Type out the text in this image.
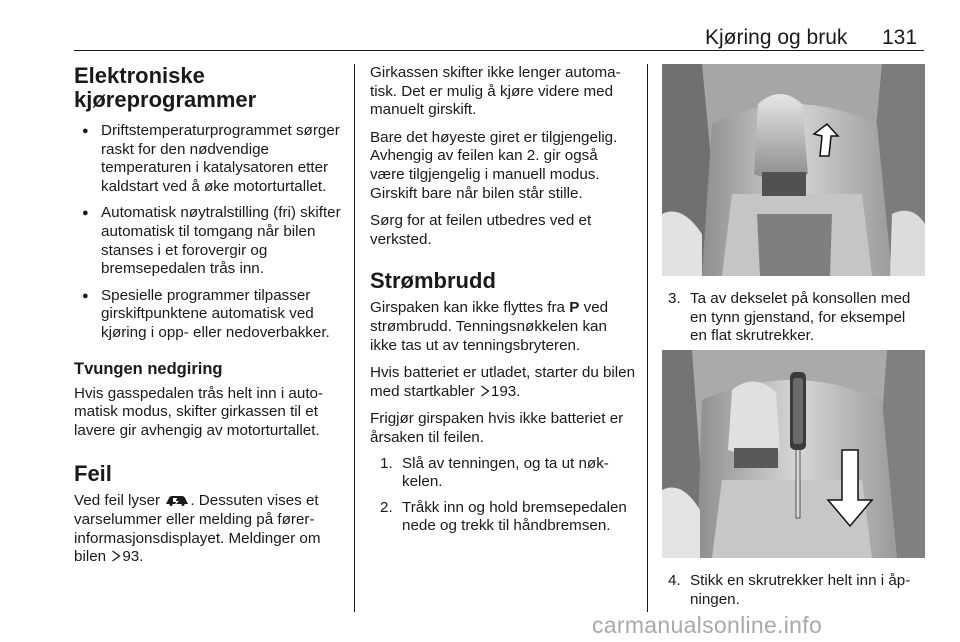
Kjøring og bruk 131
Elektroniske kjøreprogrammer
● Driftstemperaturprogrammet sørger raskt for den nødvendige temperaturen i katalysatoren etter kaldstart ved å øke motorturtallet.
● Automatisk nøytralstilling (fri) skifter automatisk til tomgang når bilen stanses i et forovergir og bremsepedalen trås inn.
● Spesielle programmer tilpasser girskiftpunktene automatisk ved kjøring i opp- eller nedoverbakker.
Tvungen nedgiring

Hvis gasspedalen trås helt inn i automatisk modus, skifter girkassen til et lavere gir avhengig av motorturtallet.

Feil

Ved feil lyser . Dessuten vises et varselummer eller melding på førerinformasjonsdisplayet. Meldinger om bilen 93.

Girkassen skifter ikke lenger automatisk. Det er mulig å kjøre videre med manuelt girskift.

Bare det høyeste giret er tilgjengelig. Avhengig av feilen kan 2. gir også være tilgjengelig i manuell modus. Girskift bare når bilen står stille.

Sørg for at feilen utbedres ved et verksted.

Strømbrudd

Girspaken kan ikke flyttes fra P ved strømbrudd. Tenningsnøkkelen kan ikke tas ut av tenningsbryteren.

Hvis batteriet er utladet, starter du bilen med startkabler 193.

Frigjør girspaken hvis ikke batteriet er årsaken til feilen.

1. Slå av tenningen, og ta ut nøkkelen.
2. Tråkk inn og hold bremsepedalen nede og trekk til håndbremsen.
3. Ta av dekselet på konsollen med en tynn gjenstand, for eksempel en flat skrutrekker.
4. Stikk en skrutrekker helt inn i åpningen.
carmanualsonline.info
